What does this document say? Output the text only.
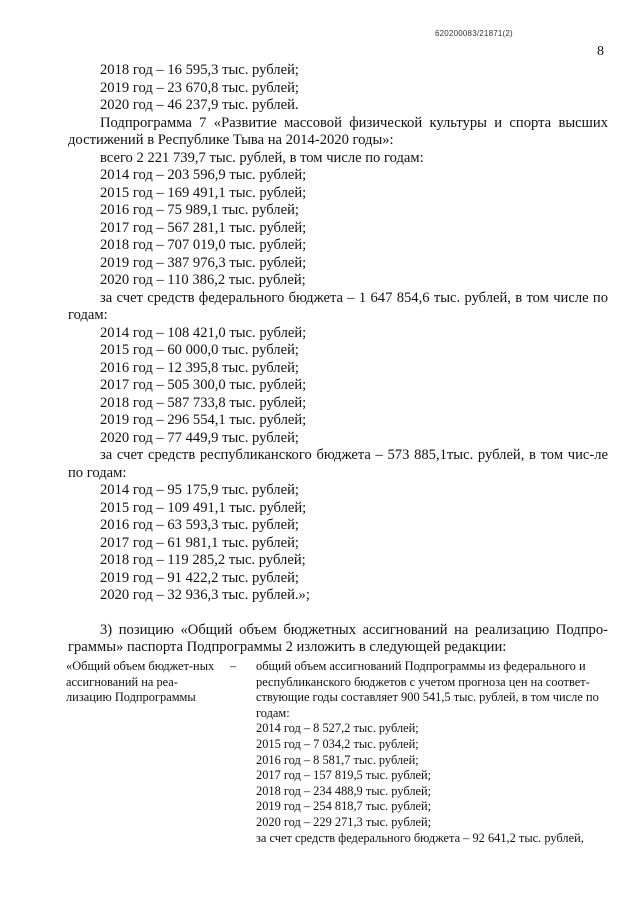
620200083/21871(2)
8

2018 год – 16 595,3 тыс. рублей;

2019 год – 23 670,8 тыс. рублей;

2020 год – 46 237,9 тыс. рублей.

Подпрограмма 7 «Развитие массовой физической культуры и спорта высших достижений в Республике Тыва на 2014-2020 годы»:

всего 2 221 739,7 тыс. рублей, в том числе по годам:

2014 год – 203 596,9 тыс. рублей;

2015 год – 169 491,1 тыс. рублей;

2016 год – 75 989,1 тыс. рублей;

2017 год – 567 281,1 тыс. рублей;

2018 год – 707 019,0 тыс. рублей;

2019 год – 387 976,3 тыс. рублей;

2020 год – 110 386,2 тыс. рублей;

за счет средств федерального бюджета – 1 647 854,6 тыс. рублей, в том числе по годам:

2014 год – 108 421,0 тыс. рублей;

2015 год – 60 000,0 тыс. рублей;

2016 год – 12 395,8 тыс. рублей;

2017 год – 505 300,0 тыс. рублей;

2018 год – 587 733,8 тыс. рублей;

2019 год – 296 554,1 тыс. рублей;

2020 год – 77 449,9 тыс. рублей;

за счет средств республиканского бюджета – 573 885,1тыс. рублей, в том чис-ле по годам:

2014 год – 95 175,9 тыс. рублей;

2015 год – 109 491,1 тыс. рублей;

2016 год – 63 593,3 тыс. рублей;

2017 год – 61 981,1 тыс. рублей;

2018 год – 119 285,2 тыс. рублей;

2019 год – 91 422,2 тыс. рублей;

2020 год – 32 936,3 тыс. рублей.»;

3) позицию «Общий объем бюджетных ассигнований на реализацию Подпро-граммы» паспорта Подпрограммы 2 изложить в следующей редакции:

«Общий объем бюджет-ных ассигнований на реа-лизацию Подпрограммы
– общий объем ассигнований Подпрограммы из федерального и республиканского бюджетов с учетом прогноза цен на соответ-ствующие годы составляет 900 541,5 тыс. рублей, в том числе по годам:

2014 год – 8 527,2 тыс. рублей;

2015 год – 7 034,2 тыс. рублей;

2016 год – 8 581,7 тыс. рублей;

2017 год – 157 819,5 тыс. рублей;

2018 год – 234 488,9 тыс. рублей;

2019 год – 254 818,7 тыс. рублей;

2020 год – 229 271,3 тыс. рублей;

за счет средств федерального бюджета – 92 641,2 тыс. рублей,
